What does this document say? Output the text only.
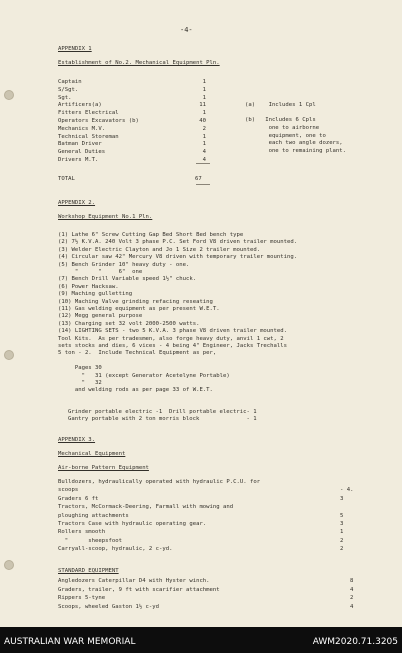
-4-
APPENDIX 1
Establishment of No.2. Mechanical Equipment Pln.
Captain	1
S/Sgt.	1
Sgt.	1
Artificers(a)	11
Fitters Electrical	1
Operators Excavators (b)	40
Mechanics M.V.	2
Technical Storeman	1
Batman Driver	1
General Duties	4
Drivers M.T.	4
(a)    Includes 1 Cpl
(b)   Includes 6 Cpls
one to airborne
equipment, one to
each two angle dozers,
one to remaining plant.
TOTAL	67
APPENDIX 2.
Workshop Equipment No.1 Pln.
(1) Lathe 6" Screw Cutting Gap Bed Short Bed bench type
(2) 7½ K.V.A. 240 Volt 3 phase P.C. Set Ford V8 driven trailer mounted.
(3) Welder Electric Clayton and Jo 1 Size 2 trailer mounted.
(4) Circular saw 42" Mercury V8 driven with temporary trailer mounting.
(5) Bench Grinder 10" heavy duty - one.
"      "     6"  one
(7) Bench Drill Variable speed 1½" chuck.
(6) Power Hacksaw.
(9) Maching gulletting
(10) Maching Valve grinding refacing reseating
(11) Gas welding equipment as per present W.E.T.
(12) Megg general purpose
(13) Charging set 32 volt 2000-2500 watts.
(14) LIGHTING SETS - two 5 K.V.A. 3 phase V8 driven trailer mounted.
Tool Kits.  As per tradesmen, also forge heavy duty, anvil 1 cwt, 2
sets stocks and dies, 6 vices - 4 being 4" Engineer, Jacks Trechalls
5 ton - 2.  Include Technical Equipment as per,
Pages 30
"   31 (except Generator Acetelyne Portable)
"   32
and welding rods as per page 33 of W.E.T.
Grinder portable electric -1  Drill portable electric- 1
Gantry portable with 2 ton morris block              - 1
APPENDIX 3.
Mechanical Equipment
Air-borne Pattern Equipment
Bulldozers, hydraulically operated with hydraulic P.C.U. for
scoops	- 4.
Graders 6 ft	3
Tractors, McCormack-Deering, Farmall with mowing and
ploughing attachments	5
Tractors Case with hydraulic operating gear.	3
Rollers smooth	1
"      sheepsfoot	2
Carryall-scoop, hydraulic, 2 c-yd.	2
STANDARD EQUIPMENT
Angledozers Caterpillar D4 with Hyster winch.	8
Graders, trailer, 9 ft with scarifier attachment	4
Rippers 5-tyne	2
Scoops, wheeled Gaston 1½ c-yd	4
AUSTRALIAN WAR MEMORIAL	AWM2020.71.3205
